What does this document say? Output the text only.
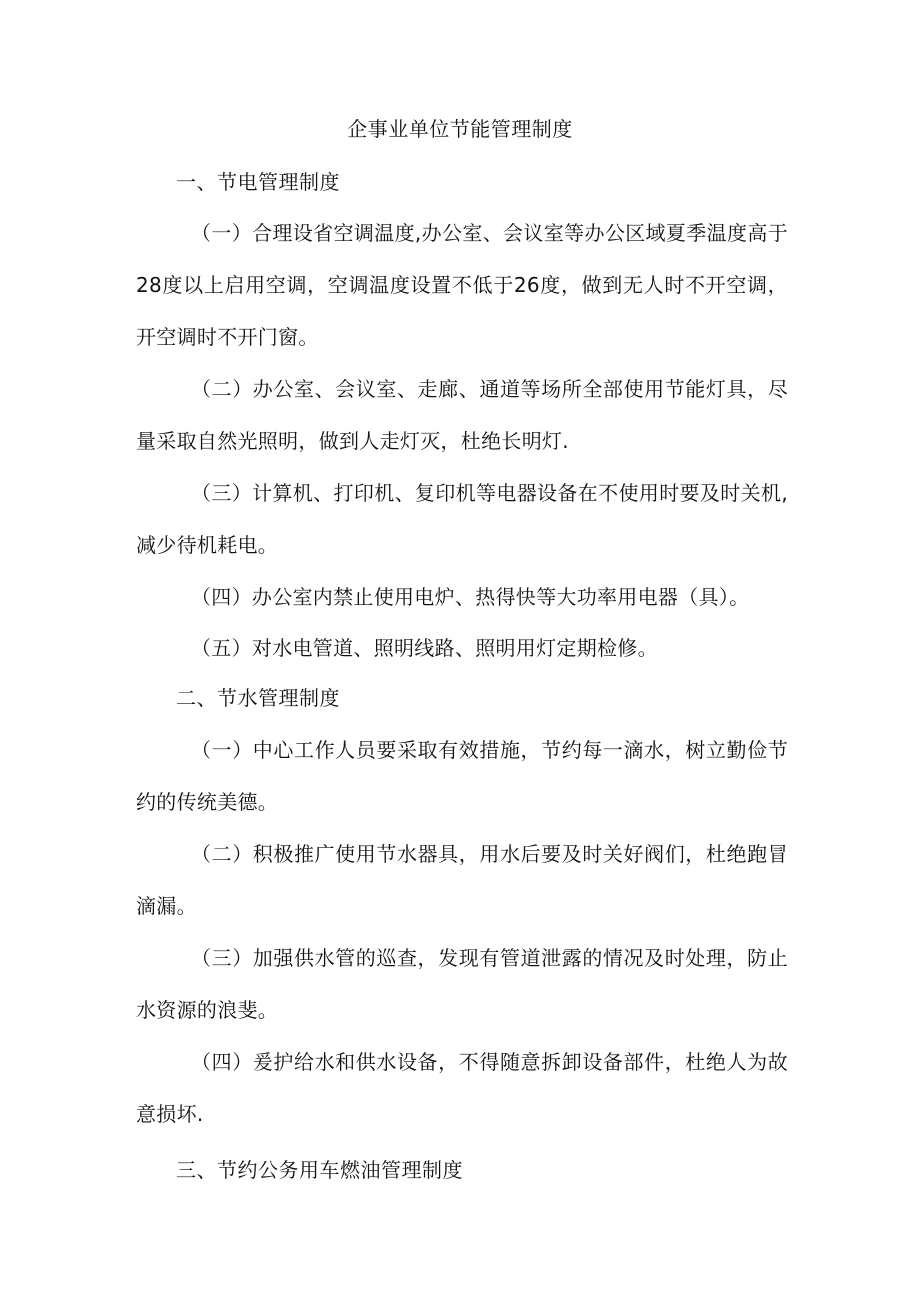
企事业单位节能管理制度
一、节电管理制度
（一）合理设省空调温度,办公室、会议室等办公区域夏季温度高于28度以上启用空调，空调温度设置不低于26度，做到无人时不开空调，开空调时不开门窗。
（二）办公室、会议室、走廊、通道等场所全部使用节能灯具，尽量采取自然光照明，做到人走灯灭，杜绝长明灯.
（三）计算机、打印机、复印机等电器设备在不使用时要及时关机,减少待机耗电。
（四）办公室内禁止使用电炉、热得快等大功率用电器（具）。
（五）对水电管道、照明线路、照明用灯定期检修。
二、节水管理制度
（一）中心工作人员要采取有效措施，节约每一滴水，树立勤俭节约的传统美德。
（二）积极推广使用节水器具，用水后要及时关好阀们，杜绝跑冒滴漏。
（三）加强供水管的巡查，发现有管道泄露的情况及时处理，防止水资源的浪斐。
（四）爰护给水和供水设备，不得随意拆卸设备部件，杜绝人为故意损坏.
三、节约公务用车燃油管理制度
